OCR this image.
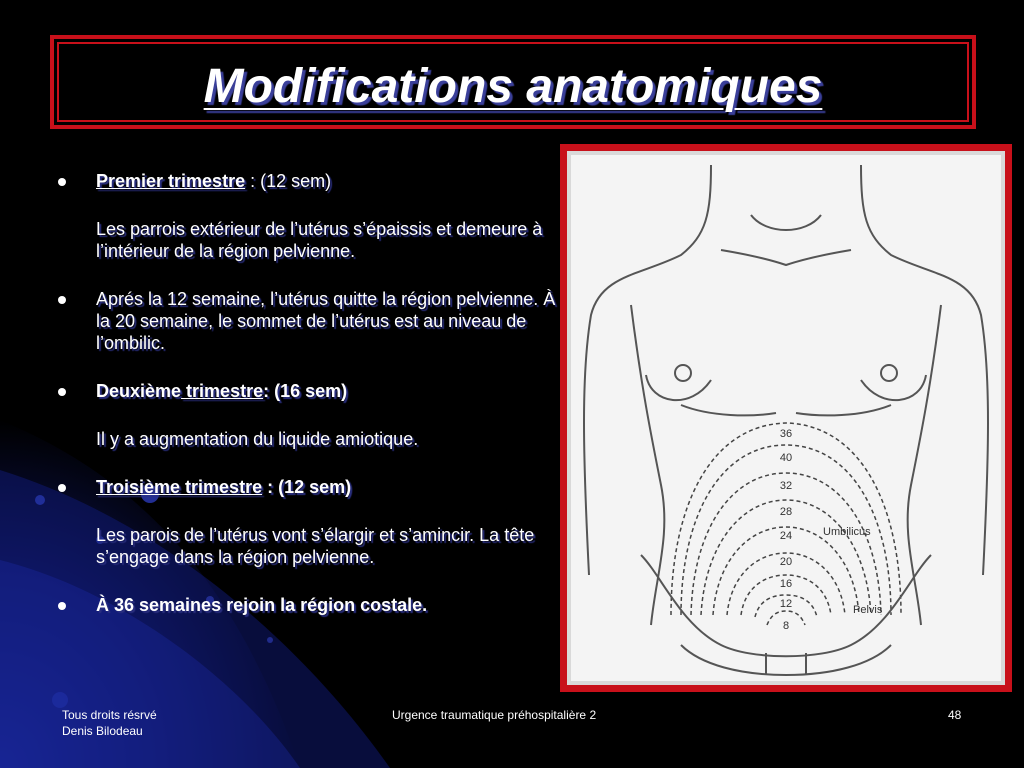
Modifications anatomiques
Premier trimestre : (12 sem)
Les parrois extérieur de l’utérus s’épaissis et demeure à l’intérieur de la région pelvienne.
Aprés la 12 semaine, l’utérus quitte la région pelvienne. À la 20 semaine, le sommet de l’utérus est au niveau de l’ombilic.
Deuxième trimestre: (16 sem)
Il y a augmentation du liquide amiotique.
Troisième trimestre : (12 sem)
Les parois de l’utérus vont s’élargir et s’amincir. La tête s’engage dans la région pelvienne.
À 36 semaines rejoin la région costale.
36
40
32
28
24
20
16
12
8
Umbilicus
Pelvis
Tous droits résrvé
Denis Bilodeau
Urgence traumatique préhospitalière 2	48
